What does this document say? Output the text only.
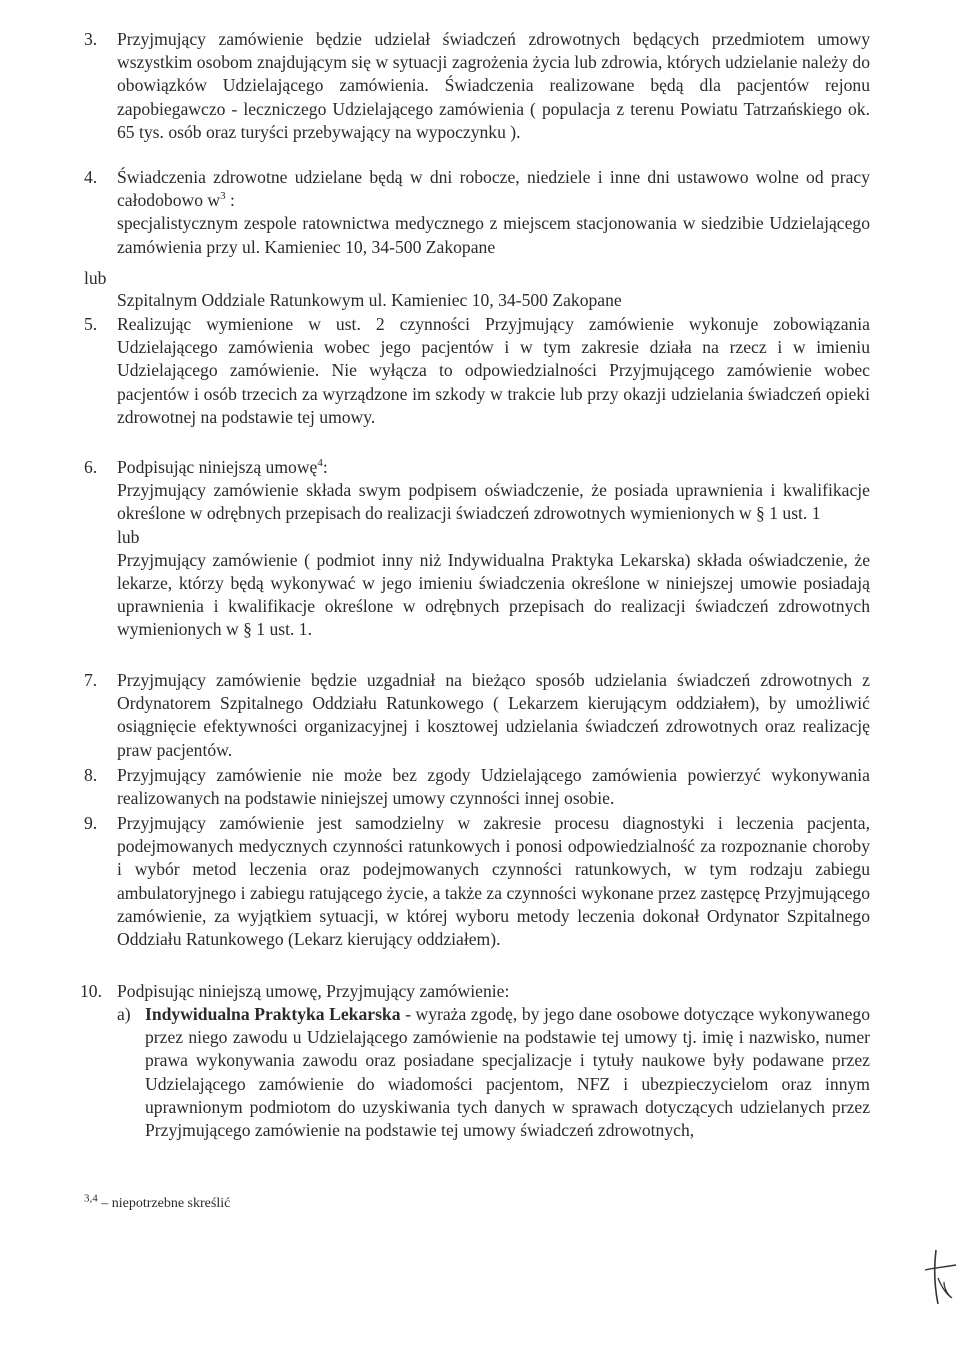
3.	Przyjmujący zamówienie będzie udzielał świadczeń zdrowotnych będących przedmiotem umowy wszystkim osobom znajdującym się w sytuacji zagrożenia życia lub zdrowia, których udzielanie należy do obowiązków Udzielającego zamówienia. Świadczenia realizowane będą dla pacjentów rejonu zapobiegawczo - leczniczego Udzielającego zamówienia ( populacja z terenu Powiatu Tatrzańskiego ok. 65 tys. osób oraz turyści przebywający na wypoczynku ).

4.	Świadczenia zdrowotne udzielane będą w dni robocze, niedziele i inne dni ustawowo wolne od pracy całodobowo $w^3$ :

specjalistycznym zespole ratownictwa medycznego z miejscem stacjonowania w siedzibie Udzielającego zamówienia przy ul. Kamieniec 10, 34-500 Zakopane

lub

Szpitalnym Oddziale Ratunkowym ul. Kamieniec 10, 34-500 Zakopane

5.	Realizując wymienione w ust. 2 czynności Przyjmujący zamówienie wykonuje zobowiązania Udzielającego zamówienia wobec jego pacjentów i w tym zakresie działa na rzecz i w imieniu Udzielającego zamówienie. Nie wyłącza to odpowiedzialności Przyjmującego zamówienie wobec pacjentów i osób trzecich za wyrządzone im szkody w trakcie lub przy okazji udzielania świadczeń opieki zdrowotnej na podstawie tej umowy.

6.	Podpisując niniejszą umowę$^4$:

Przyjmujący zamówienie składa swym podpisem oświadczenie, że posiada uprawnienia i kwalifikacje określone w odrębnych przepisach do realizacji świadczeń zdrowotnych wymienionych w § 1 ust. 1

lub

Przyjmujący zamówienie ( podmiot inny niż Indywidualna Praktyka Lekarska) składa oświadczenie, że lekarze, którzy będą wykonywać w jego imieniu świadczenia określone w niniejszej umowie posiadają uprawnienia i kwalifikacje określone w odrębnych przepisach do realizacji świadczeń zdrowotnych wymienionych w § 1 ust. 1.

7.	Przyjmujący zamówienie będzie uzgadniał na bieżąco sposób udzielania świadczeń zdrowotnych z Ordynatorem Szpitalnego Oddziału Ratunkowego ( Lekarzem kierującym oddziałem), by umożliwić osiągnięcie efektywności organizacyjnej i kosztowej udzielania świadczeń zdrowotnych oraz realizację praw pacjentów.

8.	Przyjmujący zamówienie nie może bez zgody Udzielającego zamówienia powierzyć wykonywania realizowanych na podstawie niniejszej umowy czynności innej osobie.

9.	Przyjmujący zamówienie jest samodzielny w zakresie procesu diagnostyki i leczenia pacjenta, podejmowanych medycznych czynności ratunkowych i ponosi odpowiedzialność za rozpoznanie choroby i wybór metod leczenia oraz podejmowanych czynności ratunkowych, w tym rodzaju zabiegu ambulatoryjnego i zabiegu ratującego życie, a także za czynności wykonane przez zastępcę Przyjmującego zamówienie, za wyjątkiem sytuacji, w której wyboru metody leczenia dokonał Ordynator Szpitalnego Oddziału Ratunkowego (Lekarz kierujący oddziałem).

10. Podpisując niniejszą umowę, Przyjmujący zamówienie:

a) Indywidualna Praktyka Lekarska - wyraża zgodę, by jego dane osobowe dotyczące wykonywanego przez niego zawodu u Udzielającego zamówienie na podstawie tej umowy tj. imię i nazwisko, numer prawa wykonywania zawodu oraz posiadane specjalizacje i tytuły naukowe były podawane przez Udzielającego zamówienie do wiadomości pacjentom, NFZ i ubezpieczycielom oraz innym uprawnionym podmiotom do uzyskiwania tych danych w sprawach dotyczących udzielanych przez Przyjmującego zamówienie na podstawie tej umowy świadczeń zdrowotnych,
$^{3,4}$ – niepotrzebne skreślić
